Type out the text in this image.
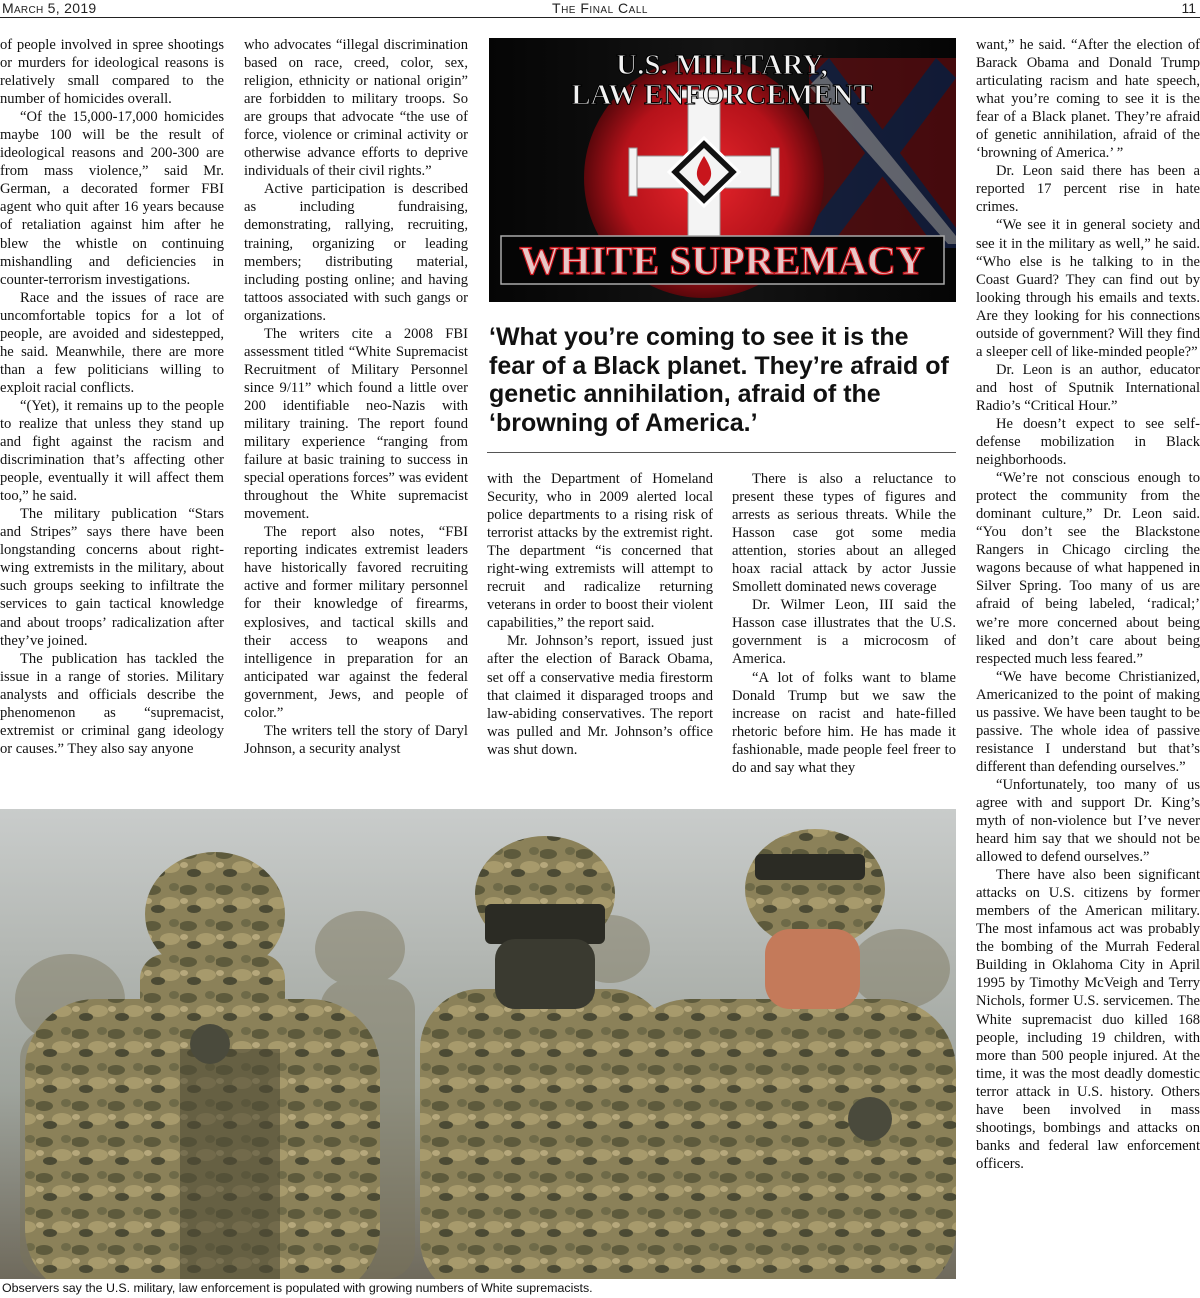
March 5, 2019	The Final Call	11

of people involved in spree shootings or murders for ideological reasons is relatively small compared to the number of homicides overall.

“Of the 15,000-17,000 homicides maybe 100 will be the result of ideological reasons and 200-300 are from mass violence,” said Mr. German, a decorated former FBI agent who quit after 16 years because of retaliation against him after he blew the whistle on continuing mishandling and deficiencies in counter-terrorism investigations.

Race and the issues of race are uncomfortable topics for a lot of people, are avoided and sidestepped, he said. Meanwhile, there are more than a few politicians willing to exploit racial conflicts.

“(Yet), it remains up to the people to realize that unless they stand up and fight against the racism and discrimination that’s affecting other people, eventually it will affect them too,” he said.

The military publication “Stars and Stripes” says there have been longstanding concerns about right-wing extremists in the military, about such groups seeking to infiltrate the services to gain tactical knowledge and about troops’ radicalization after they’ve joined.

The publication has tackled the issue in a range of stories. Military analysts and officials describe the phenomenon as “supremacist, extremist or criminal gang ideology or causes.” They also say anyone

who advocates “illegal discrimination based on race, creed, color, sex, religion, ethnicity or national origin” are forbidden to military troops. So are groups that advocate “the use of force, violence or criminal activity or otherwise advance efforts to deprive individuals of their civil rights.”

Active participation is described as including fundraising, demonstrating, rallying, recruiting, training, organizing or leading members; distributing material, including posting online; and having tattoos associated with such gangs or organizations.

The writers cite a 2008 FBI assessment titled “White Supremacist Recruitment of Military Personnel since 9/11” which found a little over 200 identifiable neo-Nazis with military training. The report found military experience “ranging from failure at basic training to success in special operations forces” was evident throughout the White supremacist movement.

The report also notes, “FBI reporting indicates extremist leaders have historically favored recruiting active and former military personnel for their knowledge of firearms, explosives, and tactical skills and their access to weapons and intelligence in preparation for an anticipated war against the federal government, Jews, and people of color.”

The writers tell the story of Daryl Johnson, a security analyst

U.S. MILITARY,
LAW ENFORCEMENT
WHITE SUPREMACY
‘What you’re coming to see it is the fear of a Black planet. They’re afraid of genetic annihilation, afraid of the ‘browning of America.’

with the Department of Homeland Security, who in 2009 alerted local police departments to a rising risk of terrorist attacks by the extremist right. The department “is concerned that right-wing extremists will attempt to recruit and radicalize returning veterans in order to boost their violent capabilities,” the report said.

Mr. Johnson’s report, issued just after the election of Barack Obama, set off a conservative media firestorm that claimed it disparaged troops and law-abiding conservatives. The report was pulled and Mr. Johnson’s office was shut down.

There is also a reluctance to present these types of figures and arrests as serious threats. While the Hasson case got some media attention, stories about an alleged hoax racial attack by actor Jussie Smollett dominated news coverage

Dr. Wilmer Leon, III said the Hasson case illustrates that the U.S. government is a microcosm of America.

“A lot of folks want to blame Donald Trump but we saw the increase on racist and hate-filled rhetoric before him. He has made it fashionable, made people feel freer to do and say what they

want,” he said. “After the election of Barack Obama and Donald Trump articulating racism and hate speech, what you’re coming to see it is the fear of a Black planet. They’re afraid of genetic annihilation, afraid of the ‘browning of America.’ ”

Dr. Leon said there has been a reported 17 percent rise in hate crimes.

“We see it in general society and see it in the military as well,” he said. “Who else is he talking to in the Coast Guard? They can find out by looking through his emails and texts. Are they looking for his connections outside of government? Will they find a sleeper cell of like-minded people?”

Dr. Leon is an author, educator and host of Sputnik International Radio’s “Critical Hour.”

He doesn’t expect to see self-defense mobilization in Black neighborhoods.

“We’re not conscious enough to protect the community from the dominant culture,” Dr. Leon said. “You don’t see the Blackstone Rangers in Chicago circling the wagons because of what happened in Silver Spring. Too many of us are afraid of being labeled, ‘radical;’ we’re more concerned about being liked and don’t care about being respected much less feared.”

“We have become Christianized, Americanized to the point of making us passive. We have been taught to be passive. The whole idea of passive resistance I understand but that’s different than defending ourselves.”

“Unfortunately, too many of us agree with and support Dr. King’s myth of non-violence but I’ve never heard him say that we should not be allowed to defend ourselves.”

There have also been significant attacks on U.S. citizens by former members of the American military. The most infamous act was probably the bombing of the Murrah Federal Building in Oklahoma City in April 1995 by Timothy McVeigh and Terry Nichols, former U.S. servicemen. The White supremacist duo killed 168 people, including 19 children, with more than 500 people injured. At the time, it was the most deadly domestic terror attack in U.S. history. Others have been involved in mass shootings, bombings and attacks on banks and federal law enforcement officers.

Observers say the U.S. military, law enforcement is populated with growing numbers of White supremacists.
